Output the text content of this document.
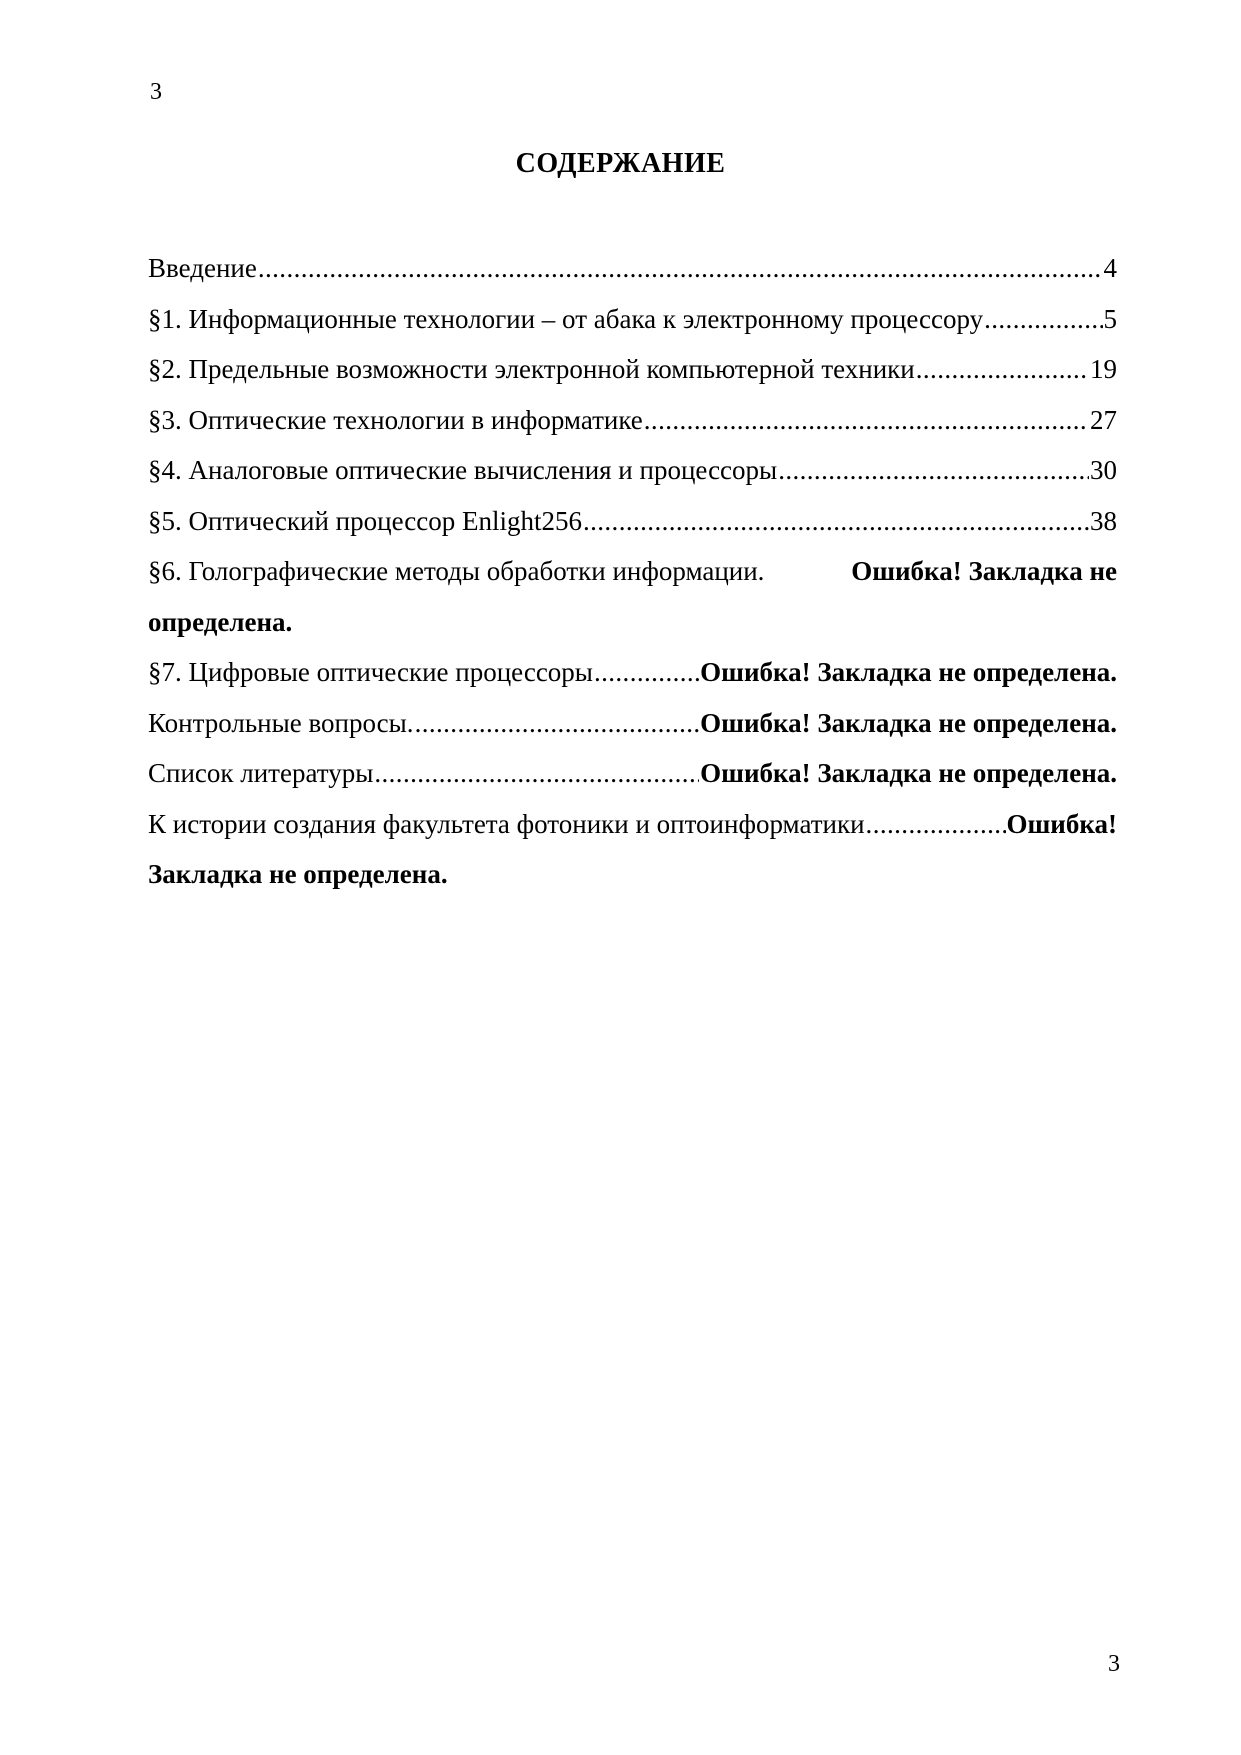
3
СОДЕРЖАНИЕ
Введение .....	4
§1. Информационные технологии – от абака к электронному процессору .....	5
§2. Предельные возможности электронной компьютерной техники .....	19
§3. Оптические технологии в информатике .....	27
§4. Аналоговые оптические вычисления и процессоры .....	30
§5. Оптический процессор Enlight256 .....	38
§6. Голографические методы обработки информации.	Ошибка! Закладка не
определена.
§7. Цифровые оптические процессоры .....	Ошибка! Закладка не определена.
Контрольные вопросы. .....	Ошибка! Закладка не определена.
Список литературы .....	Ошибка! Закладка не определена.
К истории создания факультета фотоники и оптоинформатики .....	Ошибка!
Закладка не определена.
3
